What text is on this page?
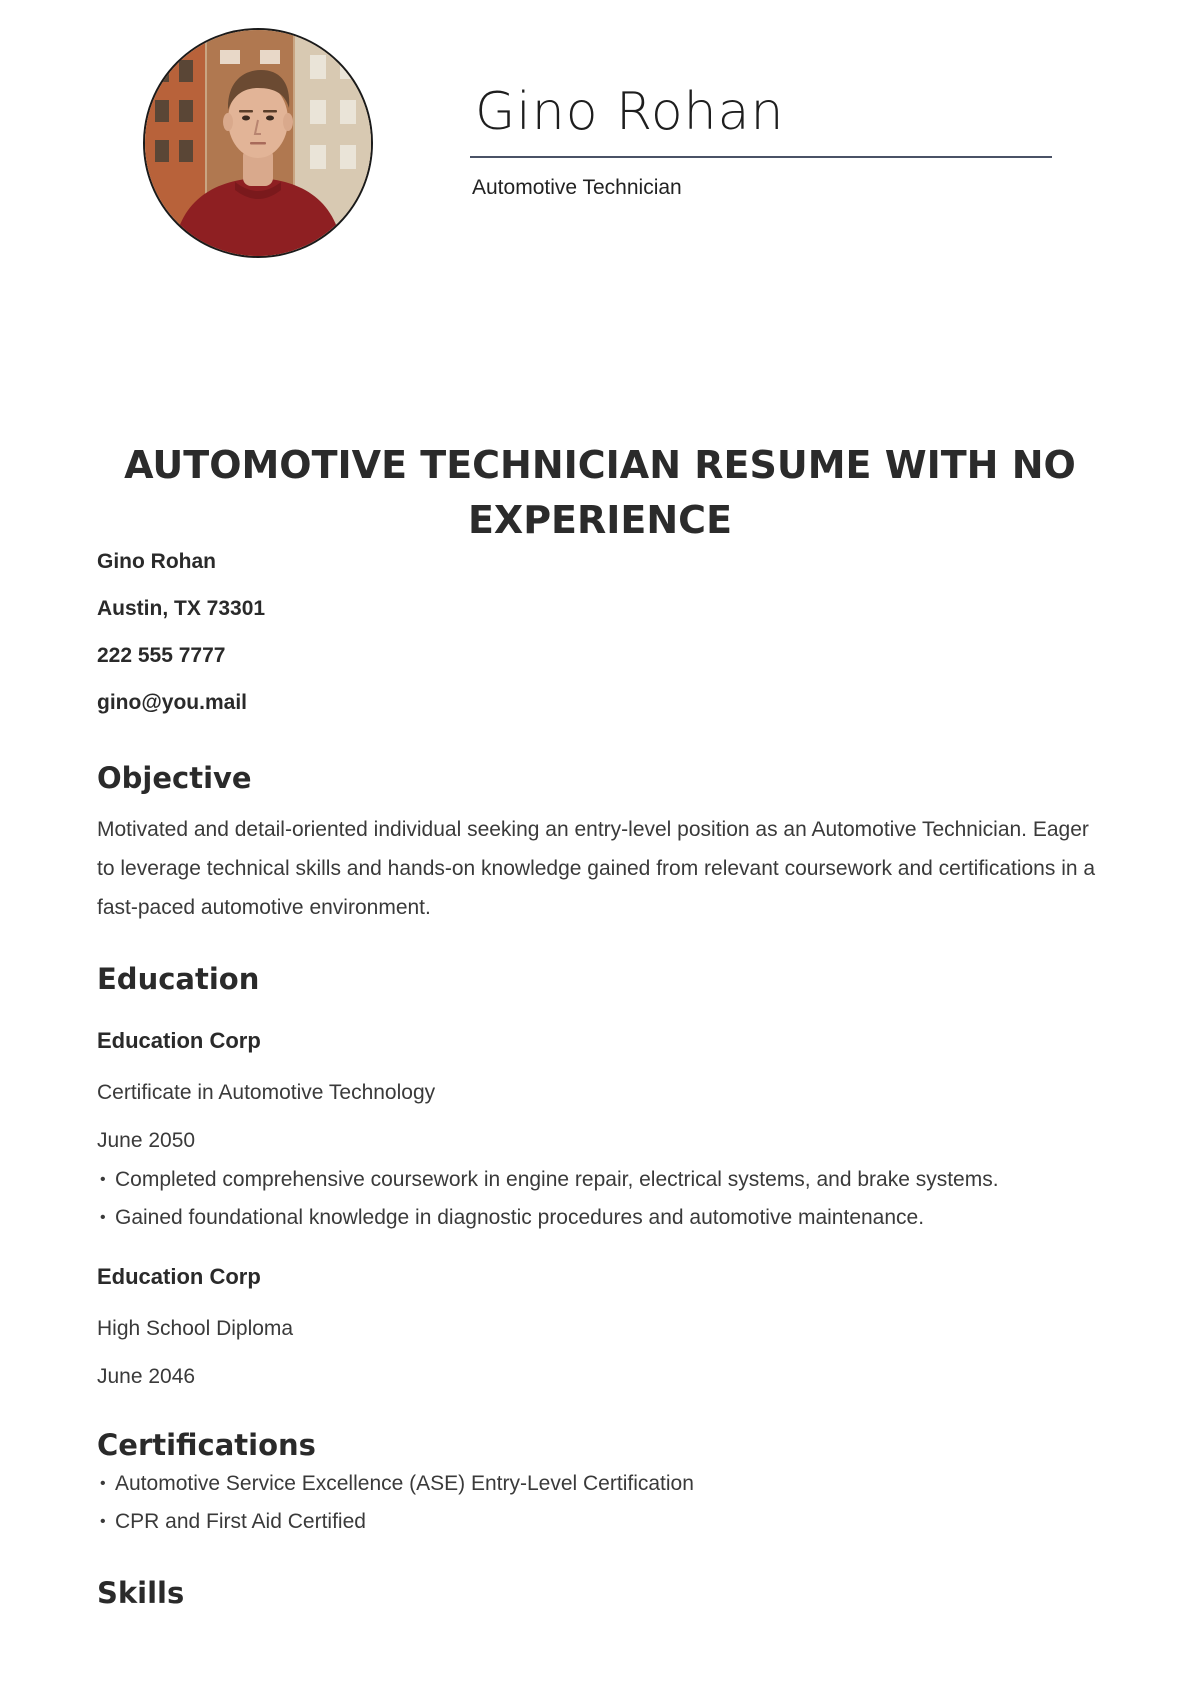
Gino Rohan

Automotive Technician

AUTOMOTIVE TECHNICIAN RESUME WITH NO EXPERIENCE

Gino Rohan

Austin, TX 73301

222 555 7777

gino@you.mail

Objective

Motivated and detail-oriented individual seeking an entry-level position as an Automotive Technician. Eager to leverage technical skills and hands-on knowledge gained from relevant coursework and certifications in a fast-paced automotive environment.

Education

Education Corp

Certificate in Automotive Technology

June 2050

• Completed comprehensive coursework in engine repair, electrical systems, and brake systems.
• Gained foundational knowledge in diagnostic procedures and automotive maintenance.

Education Corp

High School Diploma

June 2046

Certifications
• Automotive Service Excellence (ASE) Entry-Level Certification
• CPR and First Aid Certified
Skills
